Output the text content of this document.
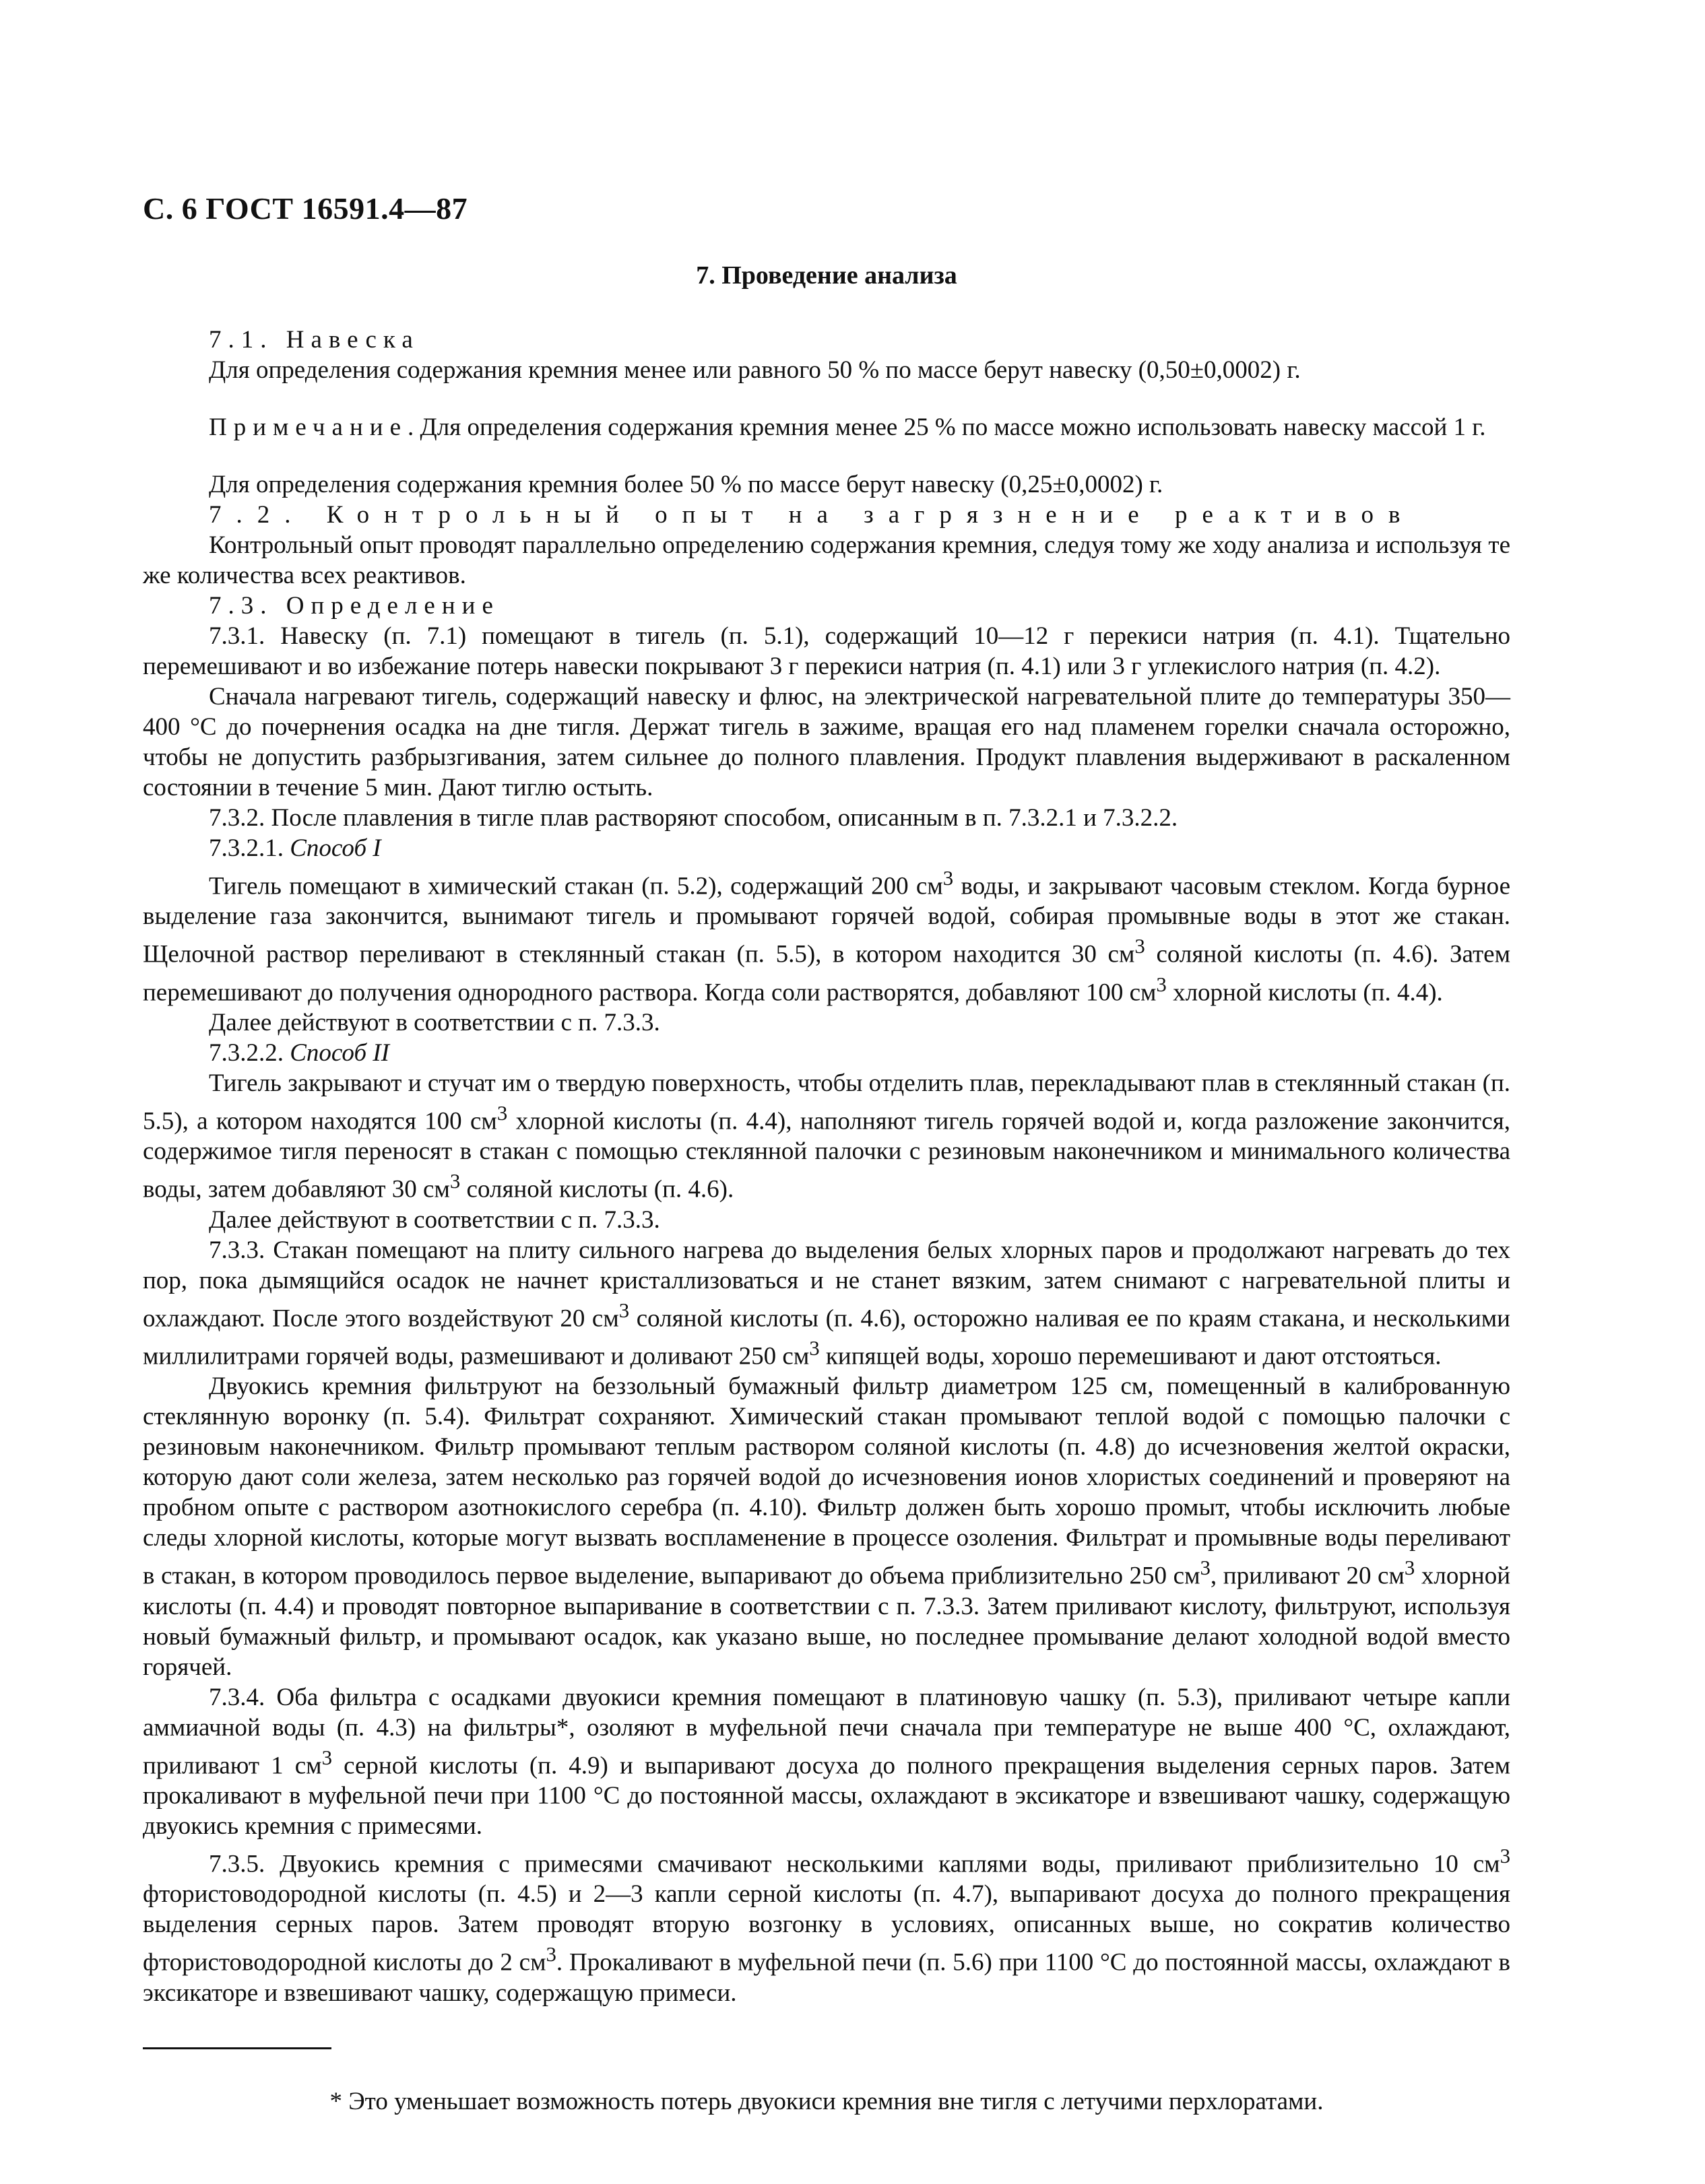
С. 6 ГОСТ 16591.4—87
7. Проведение анализа

7.1. Навеска

Для определения содержания кремния менее или равного 50 % по массе берут навеску (0,50±0,0002) г.

Примечание. Для определения содержания кремния менее 25 % по массе можно использовать навеску массой 1 г.

Для определения содержания кремния более 50 % по массе берут навеску (0,25±0,0002) г.

7.2. Контрольный опыт на загрязнение реактивов

Контрольный опыт проводят параллельно определению содержания кремния, следуя тому же ходу анализа и используя те же количества всех реактивов.

7.3. Определение

7.3.1. Навеску (п. 7.1) помещают в тигель (п. 5.1), содержащий 10—12 г перекиси натрия (п. 4.1). Тщательно перемешивают и во избежание потерь навески покрывают 3 г перекиси натрия (п. 4.1) или 3 г углекислого натрия (п. 4.2).

Сначала нагревают тигель, содержащий навеску и флюс, на электрической нагревательной плите до температуры 350—400 °С до почернения осадка на дне тигля. Держат тигель в зажиме, вращая его над пламенем горелки сначала осторожно, чтобы не допустить разбрызгивания, затем сильнее до полного плавления. Продукт плавления выдерживают в раскаленном состоянии в течение 5 мин. Дают тиглю остыть.

7.3.2. После плавления в тигле плав растворяют способом, описанным в п. 7.3.2.1 и 7.3.2.2.

7.3.2.1. Способ I

Тигель помещают в химический стакан (п. 5.2), содержащий 200 $см^3$ воды, и закрывают часовым стеклом. Когда бурное выделение газа закончится, вынимают тигель и промывают горячей водой, собирая промывные воды в этот же стакан. Щелочной раствор переливают в стеклянный стакан (п. 5.5), в котором находится 30 $см^3$ соляной кислоты (п. 4.6). Затем перемешивают до получения однородного раствора. Когда соли растворятся, добавляют 100 $см^3$ хлорной кислоты (п. 4.4).

Далее действуют в соответствии с п. 7.3.3.

7.3.2.2. Способ II

Тигель закрывают и стучат им о твердую поверхность, чтобы отделить плав, перекладывают плав в стеклянный стакан (п. 5.5), а котором находятся 100 $см^3$ хлорной кислоты (п. 4.4), наполняют тигель горячей водой и, когда разложение закончится, содержимое тигля переносят в стакан с помощью стеклянной палочки с резиновым наконечником и минимального количества воды, затем добавляют 30 $см^3$ соляной кислоты (п. 4.6).

Далее действуют в соответствии с п. 7.3.3.

7.3.3. Стакан помещают на плиту сильного нагрева до выделения белых хлорных паров и продолжают нагревать до тех пор, пока дымящийся осадок не начнет кристаллизоваться и не станет вязким, затем снимают с нагревательной плиты и охлаждают. После этого воздействуют 20 $см^3$ соляной кислоты (п. 4.6), осторожно наливая ее по краям стакана, и несколькими миллилитрами горячей воды, размешивают и доливают 250 $см^3$ кипящей воды, хорошо перемешивают и дают отстояться.

Двуокись кремния фильтруют на беззольный бумажный фильтр диаметром 125 см, помещенный в калиброванную стеклянную воронку (п. 5.4). Фильтрат сохраняют. Химический стакан промывают теплой водой с помощью палочки с резиновым наконечником. Фильтр промывают теплым раствором соляной кислоты (п. 4.8) до исчезновения желтой окраски, которую дают соли железа, затем несколько раз горячей водой до исчезновения ионов хлористых соединений и проверяют на пробном опыте с раствором азотнокислого серебра (п. 4.10). Фильтр должен быть хорошо промыт, чтобы исключить любые следы хлорной кислоты, которые могут вызвать воспламенение в процессе озоления. Фильтрат и промывные воды переливают в стакан, в котором проводилось первое выделение, выпаривают до объема приблизительно 250 $см^3$, приливают 20 $см^3$ хлорной кислоты (п. 4.4) и проводят повторное выпаривание в соответствии с п. 7.3.3. Затем приливают кислоту, фильтруют, используя новый бумажный фильтр, и промывают осадок, как указано выше, но последнее промывание делают холодной водой вместо горячей.

7.3.4. Оба фильтра с осадками двуокиси кремния помещают в платиновую чашку (п. 5.3), приливают четыре капли аммиачной воды (п. 4.3) на фильтры*, озоляют в муфельной печи сначала при температуре не выше 400 °С, охлаждают, приливают 1 $см^3$ серной кислоты (п. 4.9) и выпаривают досуха до полного прекращения выделения серных паров. Затем прокаливают в муфельной печи при 1100 °С до постоянной массы, охлаждают в эксикаторе и взвешивают чашку, содержащую двуокись кремния с примесями.

7.3.5. Двуокись кремния с примесями смачивают несколькими каплями воды, приливают приблизительно 10 $см^3$ фтористоводородной кислоты (п. 4.5) и 2—3 капли серной кислоты (п. 4.7), выпаривают досуха до полного прекращения выделения серных паров. Затем проводят вторую возгонку в условиях, описанных выше, но сократив количество фтористоводородной кислоты до 2 $см^3$. Прокаливают в муфельной печи (п. 5.6) при 1100 °С до постоянной массы, охлаждают в эксикаторе и взвешивают чашку, содержащую примеси.

* Это уменьшает возможность потерь двуокиси кремния вне тигля с летучими перхлоратами.
